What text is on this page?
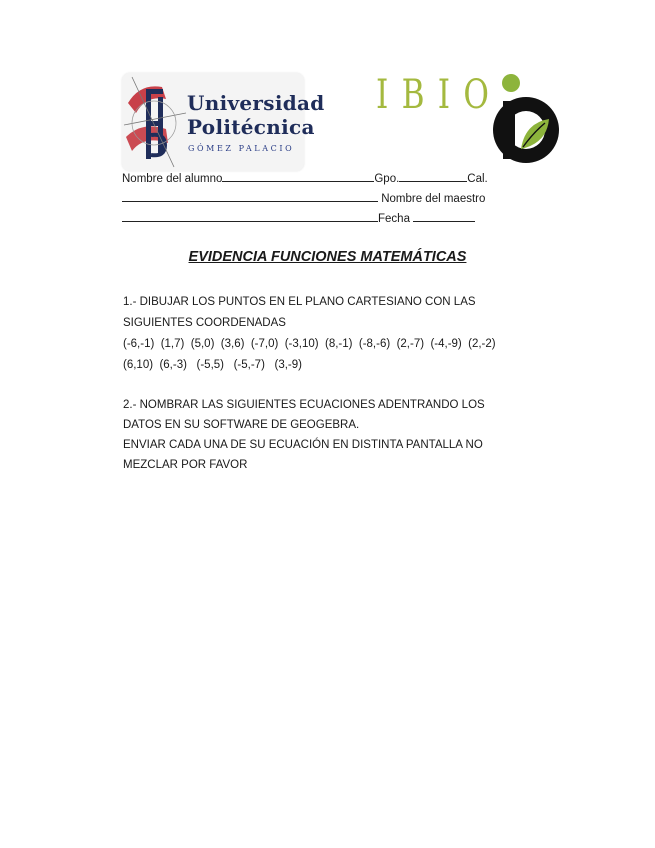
Universidad
Politécnica
GÓMEZ PALACIO
IBIO
Nombre del alumno	Gpo.	Cal.
Nombre del maestro
Fecha
EVIDENCIA FUNCIONES MATEMÁTICAS
1.- DIBUJAR LOS PUNTOS EN EL PLANO CARTESIANO CON LAS
SIGUIENTES COORDENADAS
(-6,-1) (1,7) (5,0) (3,6) (-7,0) (-3,10) (8,-1) (-8,-6) (2,-7) (-4,-9) (2,-2)
(6,10) (6,-3) (-5,5) (-5,-7) (3,-9)
2.- NOMBRAR LAS SIGUIENTES ECUACIONES ADENTRANDO LOS
DATOS EN SU SOFTWARE DE GEOGEBRA.
ENVIAR CADA UNA DE SU ECUACIÓN EN DISTINTA PANTALLA NO
MEZCLAR POR FAVOR
